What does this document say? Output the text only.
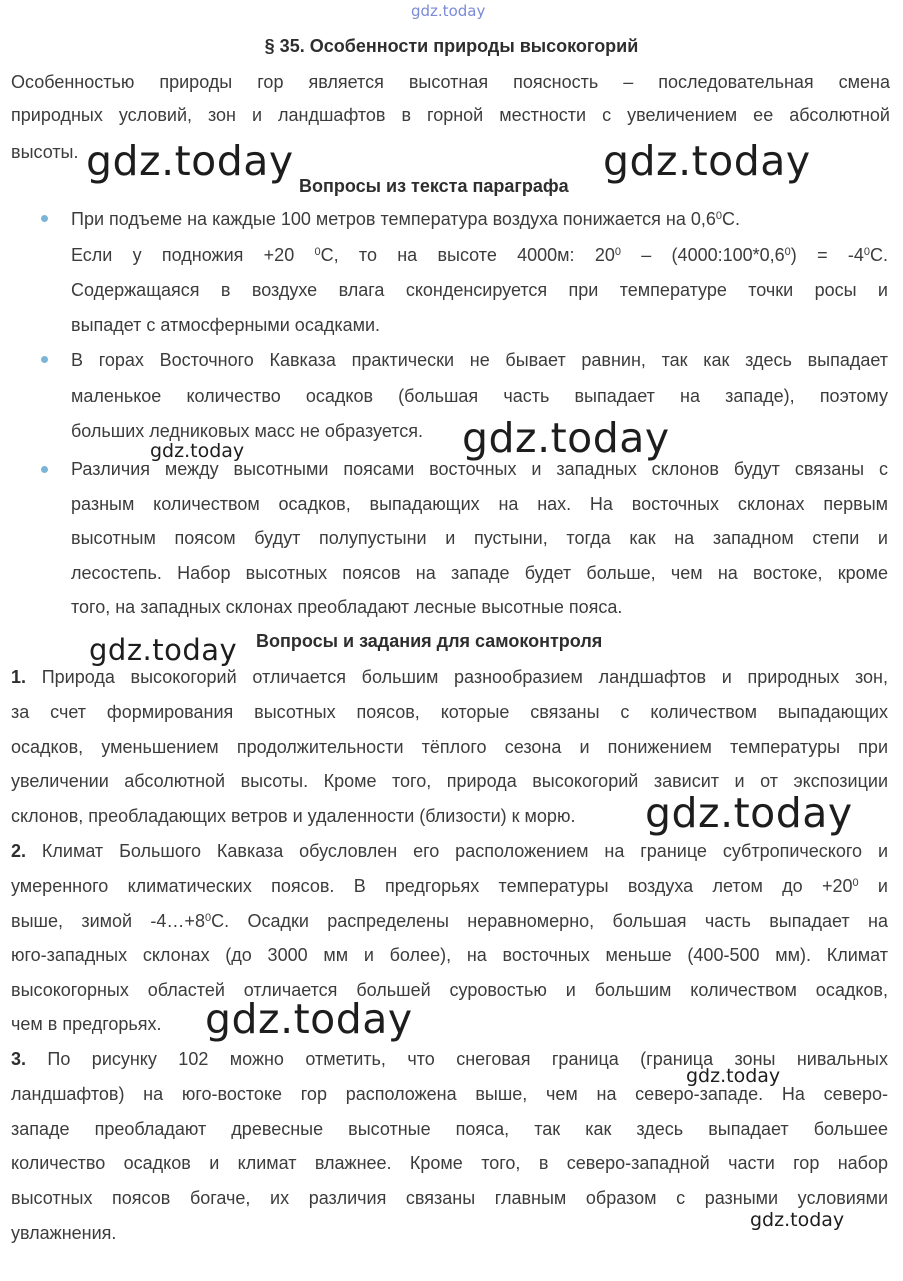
gdz.today
§ 35. Особенности природы высокогорий
Особенностью природы гор является высотная поясность – последовательная смена
природных условий, зон и ландшафтов в горной местности с увеличением ее абсолютной
высоты.
Вопросы из текста параграфа
При подъеме на каждые 100 метров температура воздуха понижается на $0,6^0С$.
Если у подножия +20 $^0$С, то на высоте 4000м: $20^0$ – $(4000:100*0,6^0) = -4^0С$.
Содержащаяся в воздухе влага сконденсируется при температуре точки росы и
выпадет с атмосферными осадками.
В горах Восточного Кавказа практически не бывает равнин, так как здесь выпадает
маленькое количество осадков (большая часть выпадает на западе), поэтому
больших ледниковых масс не образуется.
Различия между высотными поясами восточных и западных склонов будут связаны с
разным количеством осадков, выпадающих на нах. На восточных склонах первым
высотным поясом будут полупустыни и пустыни, тогда как на западном степи и
лесостепь. Набор высотных поясов на западе будет больше, чем на востоке, кроме
того, на западных склонах преобладают лесные высотные пояса.
Вопросы и задания для самоконтроля
1. Природа высокогорий отличается большим разнообразием ландшафтов и природных зон,
за счет формирования высотных поясов, которые связаны с количеством выпадающих
осадков, уменьшением продолжительности тёплого сезона и понижением температуры при
увеличении абсолютной высоты. Кроме того, природа высокогорий зависит и от экспозиции
склонов, преобладающих ветров и удаленности (близости) к морю.
2. Климат Большого Кавказа обусловлен его расположением на границе субтропического и
умеренного климатических поясов. В предгорьях температуры воздуха летом до $+20^0$ и
выше, зимой $-4\dots+8^0С$. Осадки распределены неравномерно, большая часть выпадает на
юго-западных склонах (до 3000 мм и более), на восточных меньше (400-500 мм). Климат
высокогорных областей отличается большей суровостью и большим количеством осадков,
чем в предгорьях.
3. По рисунку 102 можно отметить, что снеговая граница (граница зоны нивальных
ландшафтов) на юго-востоке гор расположена выше, чем на северо-западе. На северо-
западе преобладают древесные высотные пояса, так как здесь выпадает большее
количество осадков и климат влажнее. Кроме того, в северо-западной части гор набор
высотных поясов богаче, их различия связаны главным образом с разными условиями
увлажнения.
gdz.today	gdz.today
gdz.today
gdz.today
gdz.today
gdz.today
gdz.today
gdz.today
gdz.today
